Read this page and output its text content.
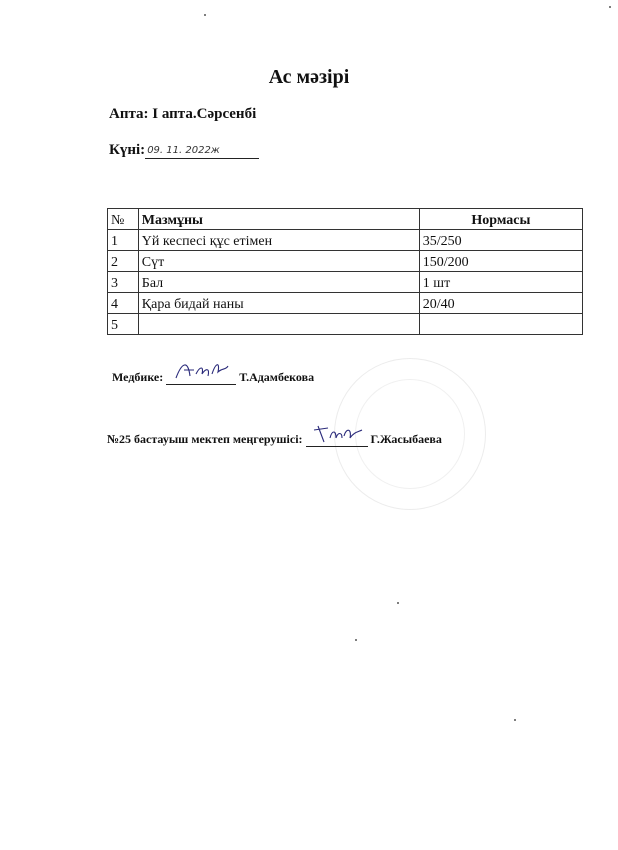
Ас мәзірі
Апта: І апта.Сәрсенбі
Күні: 09. 11. 2022ж
№	Мазмұны	Нормасы
1	Үй кеспесі құс етімен	35/250
2	Сүт	150/200
3	Бал	1 шт
4	Қара бидай наны	20/40
5		
Медбике:	Т.Адамбекова
№25 бастауыш мектеп меңгерушісі:	Г.Жасыбаева
